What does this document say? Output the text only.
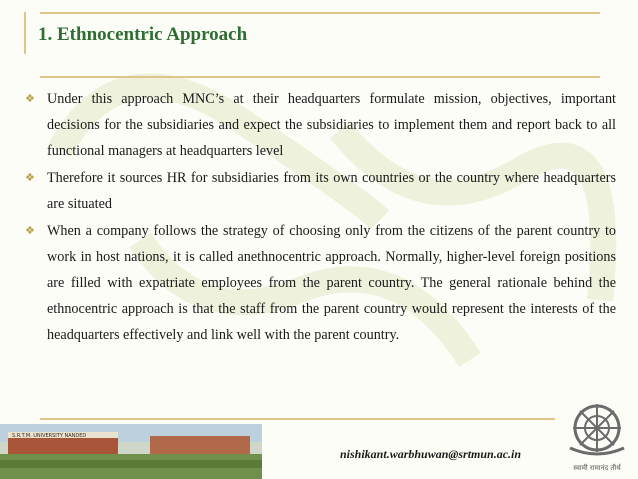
1. Ethnocentric Approach
❖ Under this approach MNC’s at their headquarters formulate mission, objectives, important decisions for the subsidiaries and expect the subsidiaries to implement them and report back to all functional managers at headquarters level
❖ Therefore it sources HR for subsidiaries from its own countries or the country where headquarters are situated
❖ When a company follows the strategy of choosing only from the citizens of the parent country to work in host nations, it is called anethnocentric approach. Normally, higher-level foreign positions are filled with expatriate employees from the parent country. The general rationale behind the ethnocentric approach is that the staff from the parent country would represent the interests of the headquarters effectively and link well with the parent country.
S.R.T.M. UNIVERSITY NANDED
nishikant.warbhuwan@srtmun.ac.in
स्वामी रामानंद तीर्थ
